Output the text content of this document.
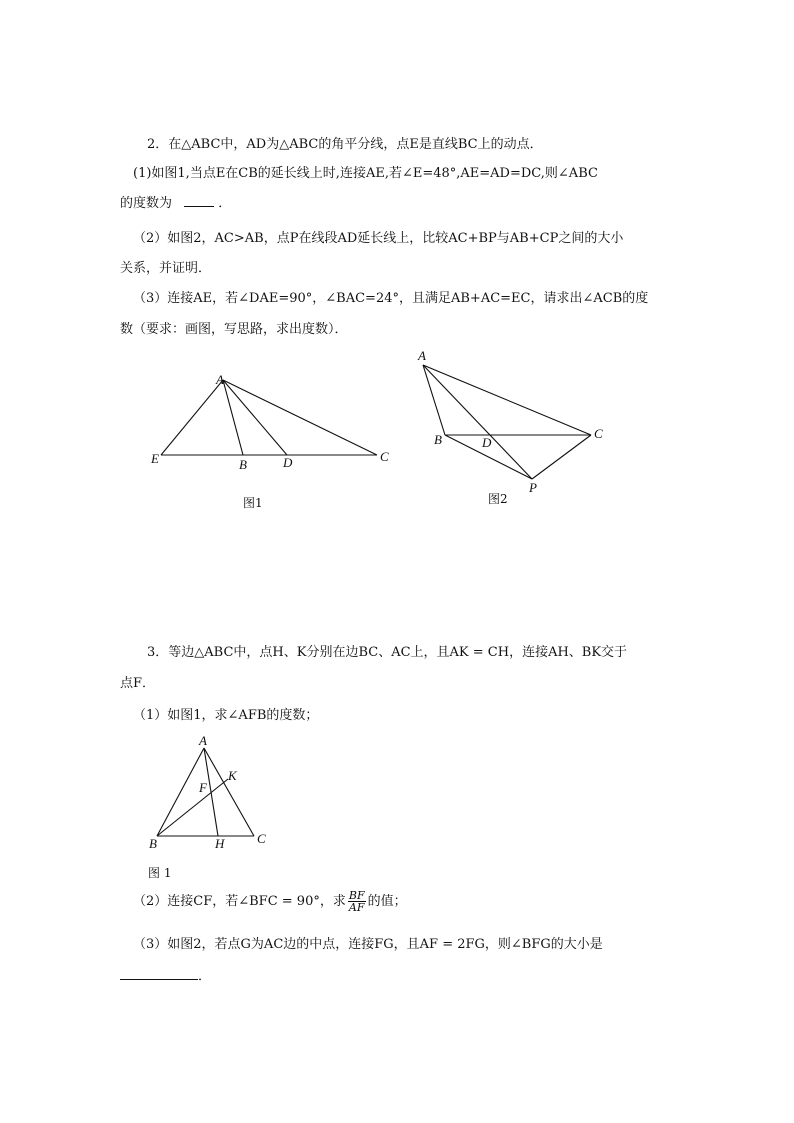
2．在△ABC中，AD为△ABC的角平分线，点E是直线BC上的动点．
(1)如图1,当点E在CB的延长线上时,连接AE,若∠E=48°,AE=AD=DC,则∠ABC
的度数为	．
（2）如图2，AC>AB，点P在线段AD延长线上，比较AC+BP与AB+CP之间的大小
关系，并证明．
（3）连接AE，若∠DAE=90°，∠BAC=24°，且满足AB+AC=EC，请求出∠ACB的度
数（要求：画图，写思路，求出度数）．
A
E	B	D	C
图1
A
B	D
C
P
图2
3．等边△ABC中，点H、K分别在边BC、AC上，且AK = CH，连接AH、BK交于
点F．
（1）如图1，求∠AFB的度数；
A
K
F
B	H	C
图 1
（2）连接CF，若∠BFC = 90°，求 $\frac{BF}{AF}$ 的值；
（3）如图2，若点G为AC边的中点，连接FG，且AF = 2FG，则∠BFG的大小是
．
